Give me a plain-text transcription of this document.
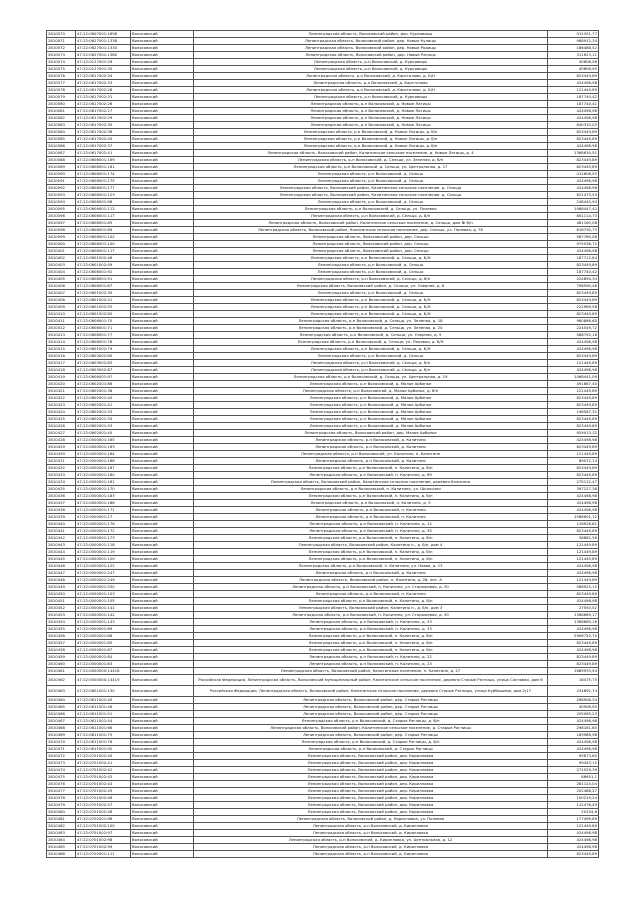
2810070	47:22:0607001:1698	Волосовский	Ленинградская область, Волосовский район, дер. Курковицы	912301,77
2810071	47:22:0627001:1338	Волосовский	Ленинградская область, Волосовский район, дер. Новые Кулицы	988912,34
2810072	47:22:0627001:1330	Волосовский	Ленинградская область, Волосовский район, дер. Новые Радицы	186488,52
2810073	47:22:0627001:1380	Волосовский	Ленинградская область, Волосовский район, дер. Новые Рагицы	311623,11
2810074	47:22:0127001:29	Волосовский	Ленинградская область, р-н Волосовский, д. Курковицы	40806,96
2810075	47:22:0127001:30	Волосовский	Ленинградская область, р-н Волосовский, д. Курковицы	40806,95
2810076	47:22:0617002:34	Волосовский	Ленинградская область, р-н Волосовский, д. Карстолово, д. Б/Н	823449,89
2810077	47:22:0617002:33	Волосовский	Ленинградская область, р-н Волосовский, д. Карстолово	424498,98
2810078	47:22:0617002:28	Волосовский	Ленинградская область, р-н Волосовский, д. Карстолово, д. Б/Н	121449,89
2810079	47:22:0617002:31	Волосовский	Ленинградская область, р-н Волосовский, д. Курковицы	187740,42
2810080	47:22:0617002:26	Волосовский	Ленинградская область, р-н Волосовский, д. Новые Лагицы	187740,41
2810081	47:22:0617002:27	Волосовский	Ленинградская область, р-н Волосовский, д. Новые Лагицы	424498,98
2810082	47:22:0617002:29	Волосовский	Ленинградская область, р-н Волосовский, д. Новые Лагицы	424498,98
2810083	47:22:0617002:30	Волосовский	Ленинградская область, р-н Волосовский, д. Новые Лагицы	840310,03
2810084	47:22:0617002:38	Волосовский	Ленинградская область, р-н Волосовский, д. Новые Лагицы, д. б/н	823449,89
2810085	47:22:0617002:40	Волосовский	Ленинградская область, р-н Волосовский, д. Новые Лагицы, д. б/н	823449,89
2810086	47:22:0617002:37	Волосовский	Ленинградская область, р-н Волосовский, д. Новые Лагицы, д. б/н	424498,98
2810087	47:22:0617002:41	Волосовский	Ленинградская область, Волосовский район, Калитинское сельское поселение, д. Новые Лагицы, д. 4	1368630,51
2810088	47:22:0606001:169	Волосовский	Ленинградская область, р-н Волосовский, д. Сельцо, ул. Зеленая, д. б/н	823449,89
2810089	47:22:0606001:181	Волосовский	Ленинградская область, р-н Волосовский, д. Сельцо, ул. Центральная, д. 17	823449,89
2810090	47:22:0606001:174	Волосовский	Ленинградская область, р-н Волосовский, д. Сельцо	412608,53
2810091	47:22:0606001:175	Волосовский	Ленинградская область, р-н Волосовский, д. Сельцо	424498,98
2810092	47:22:0606001:177	Волосовский	Ленинградская область, Волосовский район, Калитинское сельское поселение, д. Сельцо	424498,98
2810093	47:22:0606001:123	Волосовский	Ленинградская область, Волосовский район, Калитинское сельское поселение, д. Сельцо	621473,54
2810094	47:22:0606001:98	Волосовский	Ленинградская область, р-н Волосовский, д. Сельцо	248440,94
2810095	47:22:0606001:112	Волосовский	Ленинградская область, р-н Волосовский, д. Сельцо, ул. Полевая	1068447,42
2810096	47:22:0606001:117	Волосовский	Ленинградская область, р-н Волосовский, д. Сельцо, д. б/н	851114,73
2810097	47:22:0606001:85	Волосовский	Ленинградская область, Волосовский район, Калитинское сельское поселение, д. Сельцо, дом № б/н	481160,08
2810098	47:22:0606001:89	Волосовский	Ленинградская область, Волосовский район, Калитинское сельское поселение, дер. Сельцо, ул. Полевая, д. 35	616730,73
2810099	47:22:0606001:102	Волосовский	Ленинградская область, Волосовский район, дер. Сельцо	587780,08
2810400	47:22:0606001:100	Волосовский	Ленинградская область, Волосовский район, дер. Сельцо	975538,72
2810401	47:22:0606001:117	Волосовский	Ленинградская область, Волосовский район, дер. Сельцо	424498,98
2810402	47:22:0601002:46	Волосовский	Ленинградская область, р-н Волосовский, д. Сельцо, д. Б/Н	187712,84
2810403	47:22:0601002:49	Волосовский	Ленинградская область, р-н Волосовский, д. Сельцо	823449,89
2810404	47:22:0606001:92	Волосовский	Ленинградская область, р-н Волосовский, д. Сельцо	187740,42
2810405	47:22:0606001:91	Волосовский	Ленинградская область, р-н Волосовский, д. Сельцо, д. б/н	224894,34
2810406	47:22:0606001:87	Волосовский	Ленинградская область, Волосовский район, д. Сельцо, ул. Озерная, д. 6	796590,48
2810407	47:22:0601002:30	Волосовский	Ленинградская область, р-н Волосовский, д. Сельцо	823449,89
2810408	47:22:0601002:31	Волосовский	Ленинградская область, р-н Волосовский, д. Сельцо, д. Б/Н	823449,89
2810409	47:22:0601002:55	Волосовский	Ленинградская область, р-н Волосовский, д. Сельцо, д. Б/Н	222969,58
2810410	47:22:0601002:80	Волосовский	Ленинградская область, р-н Волосовский, д. Сельцо, д. Б/Н	823449,89
2810411	47:22:0606001:70	Волосовский	Ленинградская область, р-н Волосовский, д. Сельцо, ул. Зеленая, д. 18	980866,60
2810412	47:22:0606001:71	Волосовский	Ленинградская область, р-н Волосовский, д. Сельцо, ул. Зеленая, д. 20	224549,72
2810413	47:22:0606001:77	Волосовский	Ленинградская область, р-н Волосовский, д. Сельцо, ул. Озерная, д. 5	588792,18
2810414	47:22:0606001:78	Волосовский	Ленинградская область, р-н Волосовский, д. Сельцо, ул. Полевая, д. б/Н	424498,98
2810415	47:22:0601002:79	Волосовский	Ленинградская область, р-н Волосовский, д. Сельцо, д. Б/Н	424498,98
2810416	47:22:0603002:80	Волосовский	Ленинградская область, р-н Волосовский, д. Сельцо	823449,89
2810417	47:22:0603002:83	Волосовский	Ленинградская область, р-н Волосовский, д. Сельцо, д. б/н	121449,89
2810418	47:22:0603002:87	Волосовский	Ленинградская область, р-н Волосовский, д. Сельцо, д. б/н	424498,98
2810419	47:22:0606001:97	Волосовский	Ленинградская область, р-н Волосовский, д. Сельцо, ул. Центральная, д. 19	1068441,09
2810420	47:22:0602001:86	Волосовский	Ленинградская область, р-н Волосовский, д. Малое Арбонье	491867,40
2810421	47:22:0602001:36	Волосовский	Ленинградская область, р-н Волосовский, д. Малое Арбонье, д. б/н	121449,89
2810422	47:22:0602001:40	Волосовский	Ленинградская область, р-н Волосовский, д. Малое Арбонье	823449,89
2810423	47:22:0602001:41	Волосовский	Ленинградская область, р-н Волосовский, д. Малое Арбонье	823449,89
2810424	47:22:0602001:33	Волосовский	Ленинградская область, р-н Волосовский, д. Малое Арбонье	196587,32
2810425	47:22:0602001:34	Волосовский	Ленинградская область, р-н Волосовский, д. Малое Арбонье	823449,89
2810426	47:22:0602001:43	Волосовский	Ленинградская область, р-н Волосовский, д. Малое Арбонье	823449,89
2810427	47:22:0602001:45	Волосовский	Ленинградская область, Волосовский район, дер. Малое Арбонье	929013,32
2810428	47:22:0000001:165	Волосовский	Ленинградская область, р-н Волосовский, д. Калитино	424498,98
2810429	47:22:0000001:163	Волосовский	Ленинградская область, р-н Волосовский, д. Калитино	823449,89
2810430	47:22:0000001:164	Волосовский	Ленинградская область, р-н Волосовский, ул. Калитино, п. Калитино	121449,89
2810431	47:22:0000001:168	Волосовский	Ленинградская область, р-н Волосовский, д. Калитино	89072,14
2810432	47:22:0000001:167	Волосовский	Ленинградская область, р-н Волосовский, п. Калитино, д. б/н	823449,89
2810433	47:22:0000001:160	Волосовский	Ленинградская область, р-н Волосовский, п. Калитино, д. 69	823449,89
2810434	47:22:0000001:161	Волосовский	Ленинградская область, Волосовский район, Калитинское сельское поселение, деревня Калитино	275112,47
2810435	47:22:0000001:170	Волосовский	Ленинградская область, р-н Волосовский, п. Калитино, ул. Школьная	397127,38
2810436	47:22:0000001:183	Волосовский	Ленинградская область, р-н Волосовский, п. Калитино, д. б/н	424498,98
2810437	47:22:0000001:188	Волосовский	Ленинградская область, р-н Волосовский, п. Калитино, д. 5	424498,98
2810438	47:22:0000001:171	Волосовский	Ленинградская область, р-н Волосовский, п. Калитино	424498,98
2810439	47:22:0000001:17	Волосовский	Ленинградская область, р-н Волосовский, п. Калитино	1588601,12
2810440	47:22:0000001:176	Волосовский	Ленинградская область, р-н Волосовский, п. Калитино, д. 12	126926,81
2810441	47:22:0000001:172	Волосовский	Ленинградская область, р-н Волосовский, п. Калитино, д. 35	823449,89
2810442	47:22:0000001:173	Волосовский	Ленинградская область, р-н Волосовский, п. Калитино, д. б/н	58882,56
2810443	47:22:0000001:118	Волосовский	Ленинградская область, Волосовский район, Калитино п., д. б/н, дом 4	121449,89
2810444	47:22:0000001:119	Волосовский	Ленинградская область, р-н Волосовский, п. Калитино, д. б/н	121449,89
2810445	47:22:0000001:120	Волосовский	Ленинградская область, р-н Волосовский, п. Калитино, д. б/н	121449,89
2810446	47:22:0000001:122	Волосовский	Ленинградская область, р-н Волосовский, п. Калитино, ул. Новая, д. 13	424498,98
2810447	47:22:0000001:247	Волосовский	Ленинградская область, р-н Волосовский, д. Калитино	424498,98
2810448	47:22:0000001:249	Волосовский	Ленинградская область, Волосовский район, п. Калитино, д. 28, лит. А	121449,89
2810449	47:22:0000001:250	Волосовский	Ленинградская область, р-н Волосовский, п. Калитино, ул. Сторожевая, д. 30	588925,15
2810450	47:22:0000001:103	Волосовский	Ленинградская область, р-н Волосовский, п. Калитино	823449,89
2810451	47:22:0000001:105	Волосовский	Ленинградская область, р-н Волосовский, п. Калитино, д. б/н	424498,98
2810452	47:22:0000001:141	Волосовский	Ленинградская область, Волосовский район, Калитино п., д. б/н, дом 3	27550,52
2810453	47:22:0000001:142	Волосовский	Ленинградская область, р-н Волосовский, п. Калитино, ул. Сторожевая, д. 30	1368669,17
2810454	47:22:0000001:143	Волосовский	Ленинградская область, р-н Волосовский, п. Калитино, д. 33	1368669,18
2810455	47:22:0000001:89	Волосовский	Ленинградская область, р-н Волосовский, п. Калитино, д. 33	424498,98
2810456	47:22:0000001:88	Волосовский	Ленинградская область, р-н Волосовский, п. Калитино, д. б/н	2906720,70
2810457	47:22:0000001:85	Волосовский	Ленинградская область, р-н Волосовский, п. Калитино, д. б/н	823449,89
2810458	47:22:0000001:87	Волосовский	Ленинградская область, р-н Волосовский, п. Калитино, д. б/н	424498,98
2810459	47:22:0000001:84	Волосовский	Ленинградская область, р-н Волосовский, п. Калитино, д. 22	823449,89
2810460	47:22:0000001:83	Волосовский	Ленинградская область, р-н Волосовский, п. Калитино, д. 23	823449,89
2810461	47:22:0000000:14418	Волосовский	Ленинградская область, Волосовский район, Калитинское поселение, п. Калитино, д. 27	1689933,94
2810462	47:22:0000000:14419	Волосовский	Российская Федерация, Ленинградская область, Волосовский муниципальный район, Калитинское сельское поселение, деревня Старые Раглицы, улица Сосновая, дом 6	18475,75
2810463	47:22:0601001:130	Волосовский	Российская Федерация, Ленинградская область, Волосовский район, Калитинское сельское поселение, деревня Старые Раглицы, улица Куйбышева, дом 2/17	234692,74
2810464	47:22:0611001:40	Волосовский	Ленинградская область, Волосовский район, дер. Старые Раглицы	298908,34
2810465	47:22:0611001:46	Волосовский	Ленинградская область, Волосовский район, дер. Старые Раглицы	40908,95
2810466	47:22:0611001:51	Волосовский	Ленинградская область, Волосовский район, дер. Старые Раглицы	205065,23
2810467	47:22:0611001:44	Волосовский	Ленинградская область, р-н Волосовский, д. Старые Раглицы, д. б/н	424498,98
2810468	47:22:0611001:66	Волосовский	Ленинградская область, Волосовский район, Калитинское сельское поселение, д. Старые Раглицы	298181,65
2810469	47:22:0611001:75	Волосовский	Ленинградская область, Волосовский район, дер. Старые Раглицы	189986,98
2810470	47:22:0611001:76	Волосовский	Ленинградская область, р-н Волосовский, д. Старые Раглицы, д. б/н	424498,98
2810471	47:22:0611001:92	Волосовский	Ленинградская область, р-н Волосовский, д. Старые Раглицы	424498,98
2810472	47:22:0701002:40	Волосовский	Ленинградская область, Волосовский район, дер. Кирилловка	95873,85
2810473	47:22:0701002:41	Волосовский	Ленинградская область, Волосовский район, дер. Кирилловка	99443,15
2810474	47:22:0701002:42	Волосовский	Ленинградская область, Волосовский район, дер. Кирилловка	271029,39
2810475	47:22:0701002:43	Волосовский	Ленинградская область, Волосовский район, дер. Кирилловка	86651,1
2810476	47:22:0701002:44	Волосовский	Ленинградская область, Волосовский район, дер. Кирилловка	281124,04
2810477	47:22:0701002:45	Волосовский	Ленинградская область, Волосовский район, дер. Кирилловка	202488,27
2810478	47:22:0701002:46	Волосовский	Ленинградская область, Волосовский район, дер. Кирилловка	100219,24
2810479	47:22:0701002:47	Волосовский	Ленинградская область, Волосовский район, дер. Кирилловка	112478,49
2810480	47:22:0701002:48	Волосовский	Ленинградская область, Волосовский район, дер. Кирилловка	20334,6
2810481	47:22:0702001:96	Волосовский	Ленинградская область, Волосовский район, д. Кирилловка, ул. Полевая	177499,89
2810482	47:22:0701002:100	Волосовский	Ленинградская область, р-н Волосовский, д. Кирилловка	121449,89
2810483	47:22:0701002:97	Волосовский	Ленинградская область, р-н Волосовский, д. Кирилловка	424498,98
2810484	47:22:0701002:98	Волосовский	Ленинградская область, р-н Волосовский, д. Кирилловка, ул. Центральная, д. 12	424498,98
2810485	47:22:0701002:99	Волосовский	Ленинградская область, р-н Волосовский, д. Кирилловка	424498,98
2810486	47:22:0702001:111	Волосовский	Ленинградская область, р-н Волосовский, д. Кирилловка	823449,89
